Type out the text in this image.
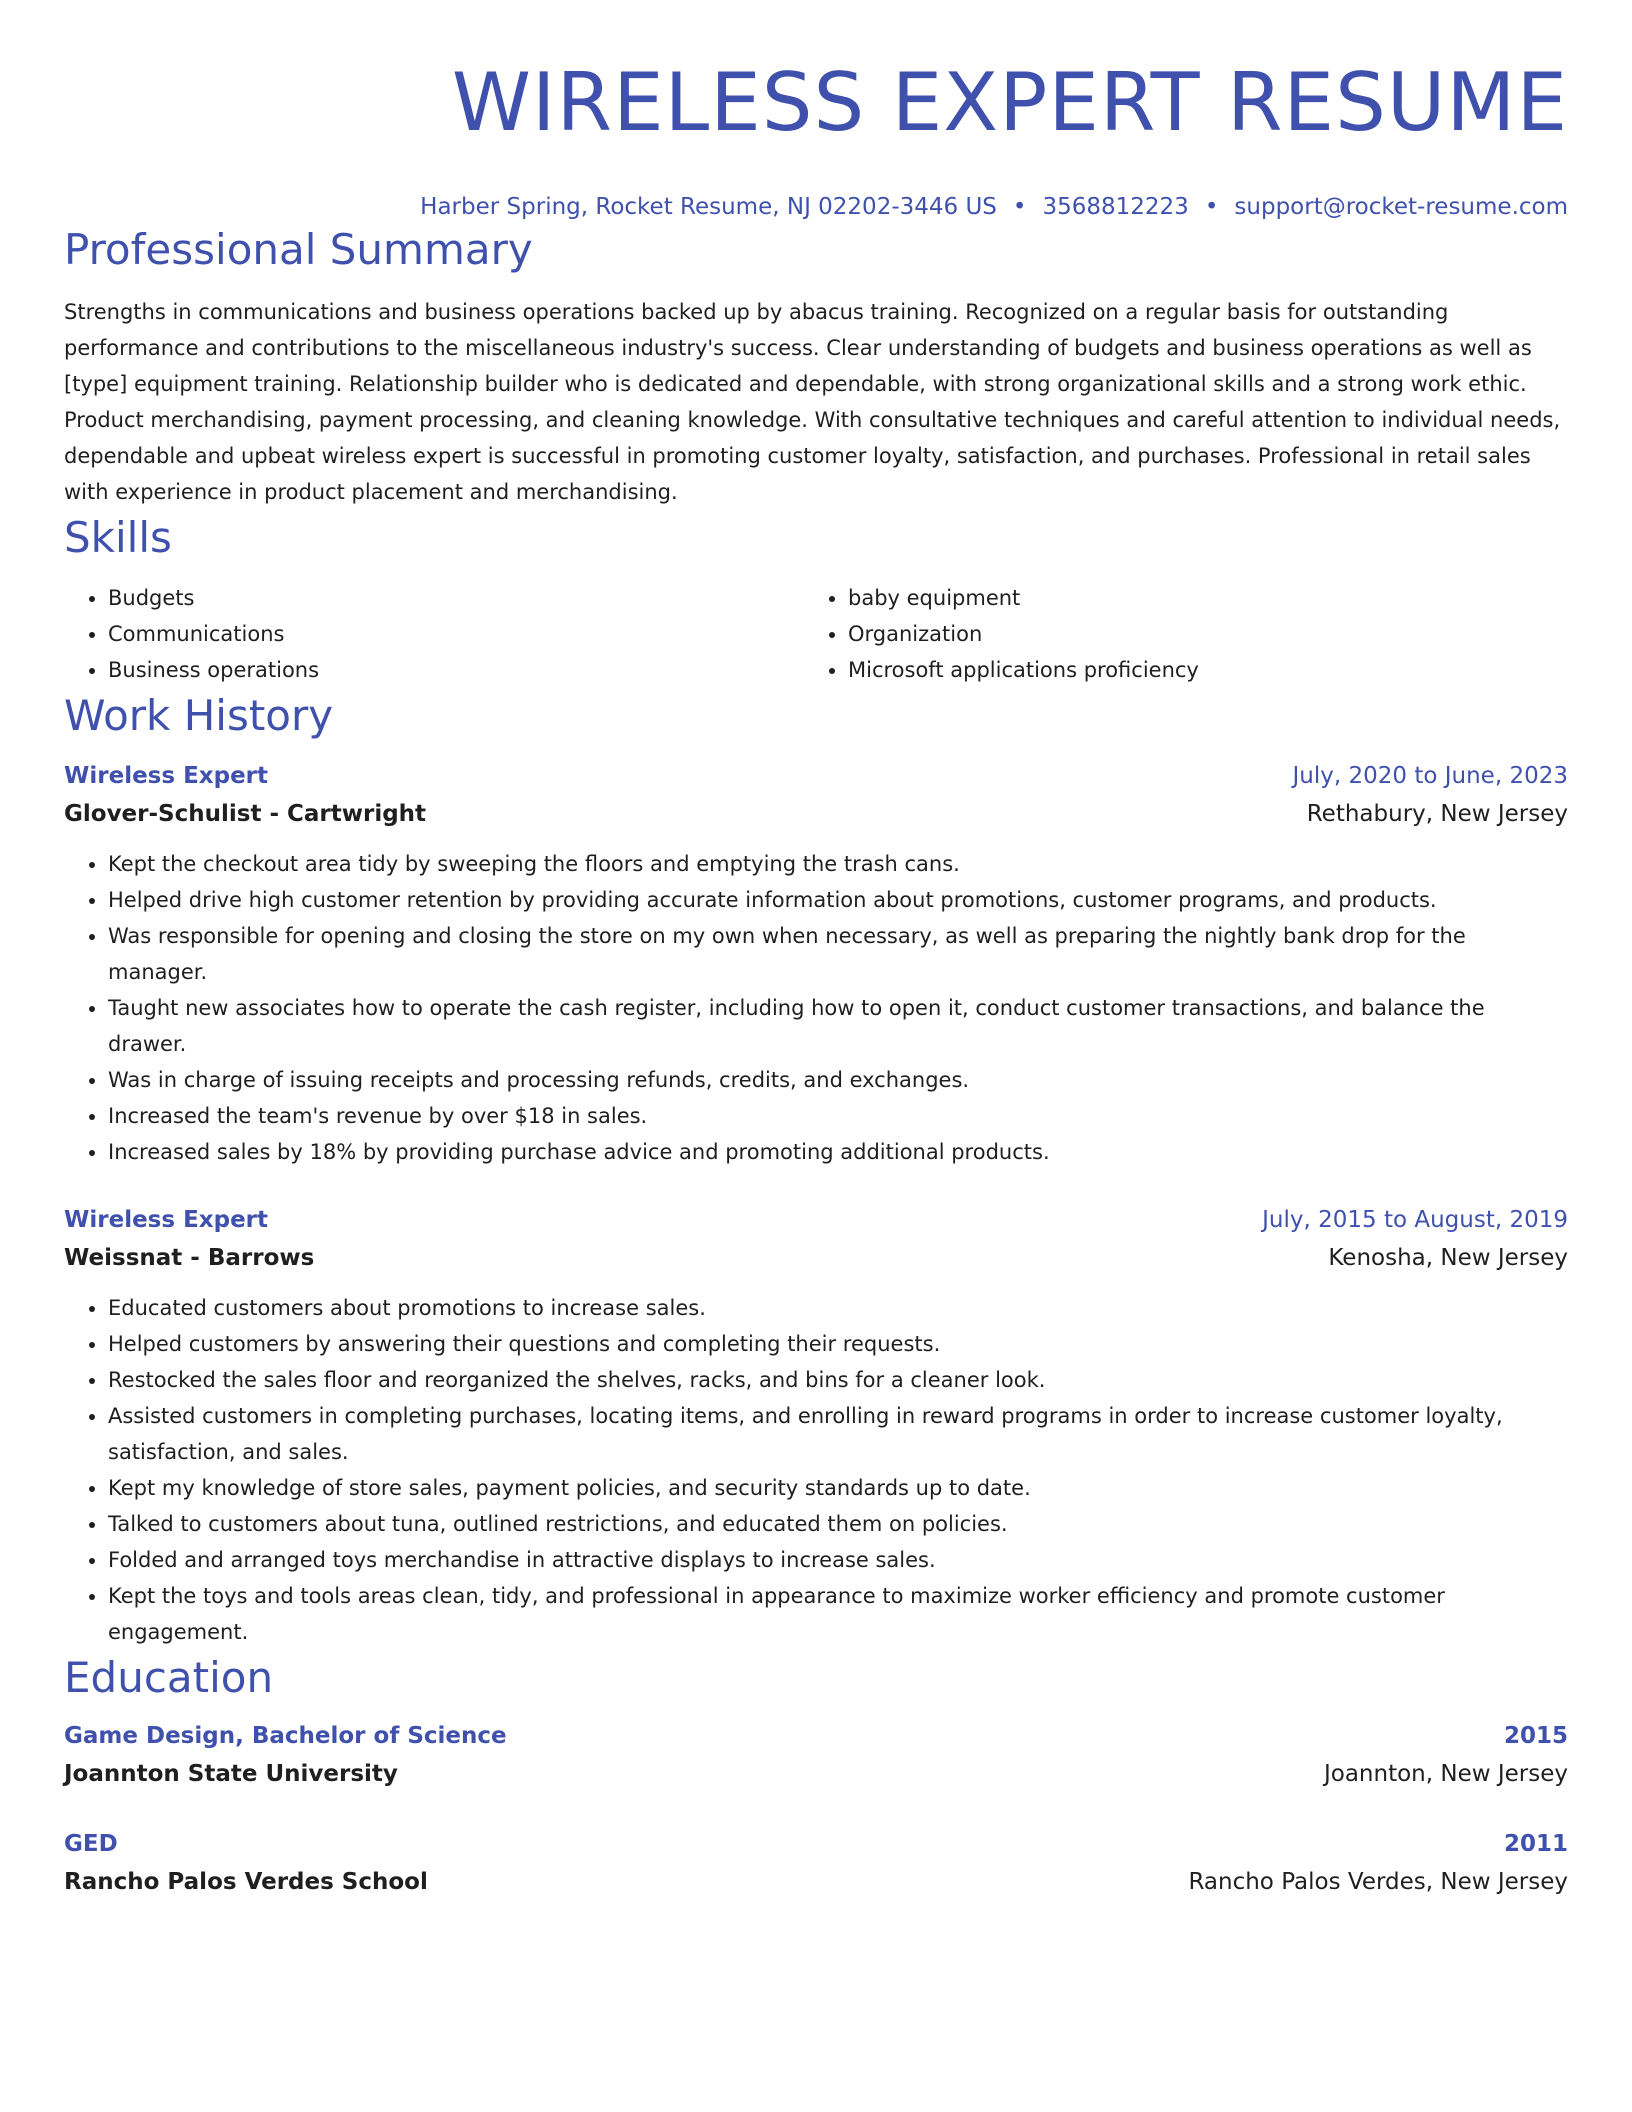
WIRELESS EXPERT RESUME
Harber Spring, Rocket Resume, NJ 02202-3446 US • 3568812223 • support@rocket-resume.com
Professional Summary
Strengths in communications and business operations backed up by abacus training. Recognized on a regular basis for outstanding performance and contributions to the miscellaneous industry's success. Clear understanding of budgets and business operations as well as [type] equipment training. Relationship builder who is dedicated and dependable, with strong organizational skills and a strong work ethic. Product merchandising, payment processing, and cleaning knowledge. With consultative techniques and careful attention to individual needs, dependable and upbeat wireless expert is successful in promoting customer loyalty, satisfaction, and purchases. Professional in retail sales with experience in product placement and merchandising.
Skills
• Budgets
• Communications
• Business operations
• baby equipment
• Organization
• Microsoft applications proficiency
Work History
Wireless Expert	July, 2020 to June, 2023
Glover-Schulist - Cartwright	Rethabury, New Jersey
• Kept the checkout area tidy by sweeping the floors and emptying the trash cans.
• Helped drive high customer retention by providing accurate information about promotions, customer programs, and products.
• Was responsible for opening and closing the store on my own when necessary, as well as preparing the nightly bank drop for the manager.
• Taught new associates how to operate the cash register, including how to open it, conduct customer transactions, and balance the drawer.
• Was in charge of issuing receipts and processing refunds, credits, and exchanges.
• Increased the team's revenue by over $18 in sales.
• Increased sales by 18% by providing purchase advice and promoting additional products.
Wireless Expert	July, 2015 to August, 2019
Weissnat - Barrows	Kenosha, New Jersey
• Educated customers about promotions to increase sales.
• Helped customers by answering their questions and completing their requests.
• Restocked the sales floor and reorganized the shelves, racks, and bins for a cleaner look.
• Assisted customers in completing purchases, locating items, and enrolling in reward programs in order to increase customer loyalty, satisfaction, and sales.
• Kept my knowledge of store sales, payment policies, and security standards up to date.
• Talked to customers about tuna, outlined restrictions, and educated them on policies.
• Folded and arranged toys merchandise in attractive displays to increase sales.
• Kept the toys and tools areas clean, tidy, and professional in appearance to maximize worker efficiency and promote customer engagement.
Education
Game Design, Bachelor of Science	2015
Joannton State University	Joannton, New Jersey
GED	2011
Rancho Palos Verdes School	Rancho Palos Verdes, New Jersey
